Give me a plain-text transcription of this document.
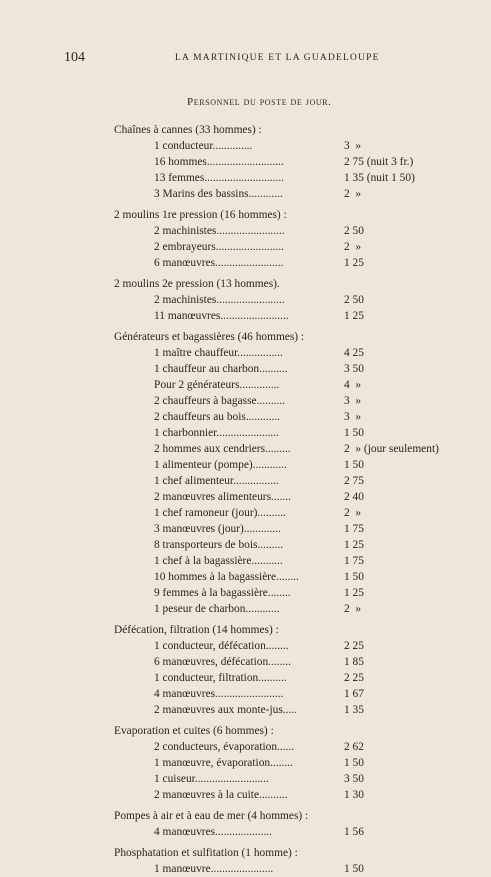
104	LA MARTINIQUE ET LA GUADELOUPE
Personnel du poste de jour.
Chaînes à cannes (33 hommes) :
1 conducteur..............	3  »
16 hommes...........................	2 75 (nuit 3 fr.)
13 femmes............................	1 35 (nuit 1 50)
3 Marins des bassins............	2  »
2 moulins 1re pression (16 hommes) :
2 machinistes........................	2 50
2 embrayeurs........................	2  »
6 manœuvres........................	1 25
2 moulins 2e pression (13 hommes).
2 machinistes........................	2 50
11 manœuvres........................	1 25
Générateurs et bagassières (46 hommes) :
1 maître chauffeur................	4 25
1 chauffeur au charbon..........	3 50
Pour 2 générateurs..............	4  »
2 chauffeurs à bagasse..........	3  »
2 chauffeurs au bois............	3  »
1 charbonnier......................	1 50
2 hommes aux cendriers.........	2  » (jour seulement)
1 alimenteur (pompe)............	1 50
1 chef alimenteur................	2 75
2 manœuvres alimenteurs.......	2 40
1 chef ramoneur (jour)..........	2  »
3 manœuvres (jour).............	1 75
8 transporteurs de bois.........	1 25
1 chef à la bagassière...........	1 75
10 hommes à la bagassière........	1 50
9 femmes à la bagassière........	1 25
1 peseur de charbon............	2  »
Défécation, filtration (14 hommes) :
1 conducteur, défécation........	2 25
6 manœuvres, défécation........	1 85
1 conducteur, filtration..........	2 25
4 manœuvres........................	1 67
2 manœuvres aux monte-jus.....	1 35
Evaporation et cuites (6 hommes) :
2 conducteurs, évaporation......	2 62
1 manœuvre, évaporation........	1 50
1 cuiseur..........................	3 50
2 manœuvres à la cuite..........	1 30
Pompes à air et à eau de mer (4 hommes) :
4 manœuvres....................	1 56
Phosphatation et sulfitation (1 homme) :
1 manœuvre......................	1 50
